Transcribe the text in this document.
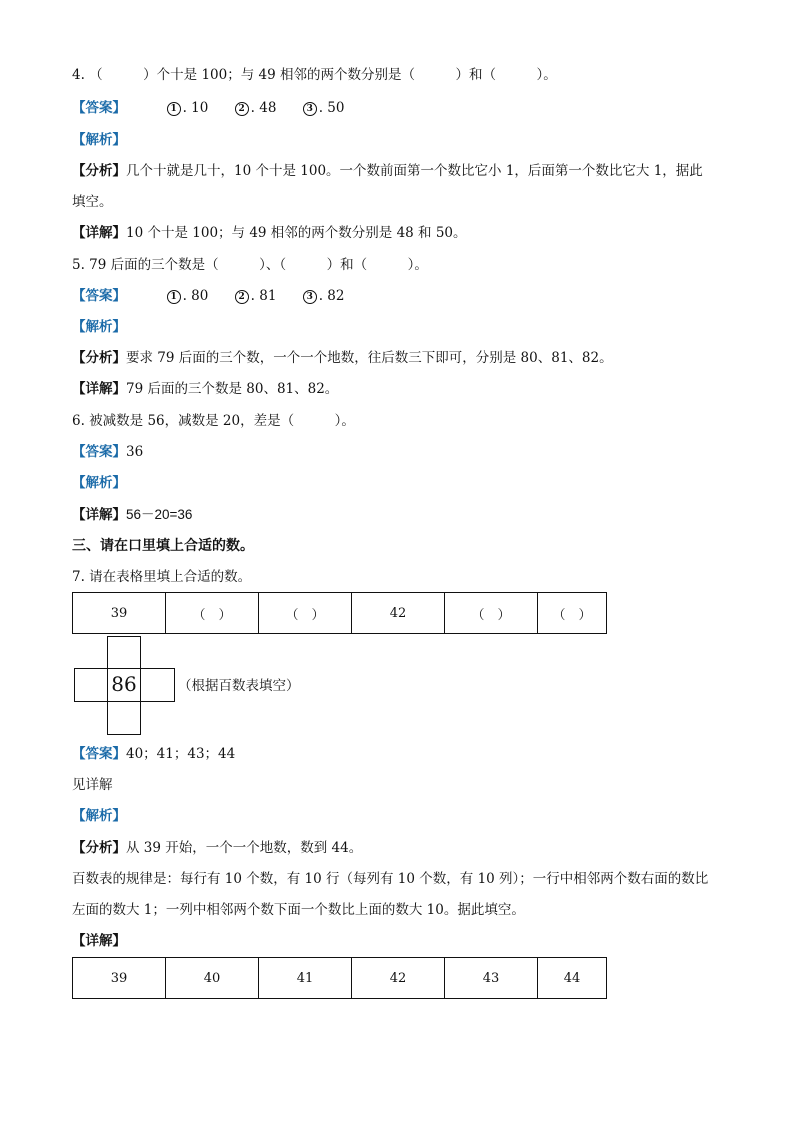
4. （　　　）个十是 100；与 49 相邻的两个数分别是（　　　）和（　　　）。
【答案】	1 . 10	2 . 48	3 . 50
【解析】
【分析】几个十就是几十，10 个十是 100。一个数前面第一个数比它小 1，后面第一个数比它大 1，据此
填空。
【详解】10 个十是 100；与 49 相邻的两个数分别是 48 和 50。
5. 79 后面的三个数是（　　　）、（　　　）和（　　　）。
【答案】	1 . 80	2 . 81	3 . 82
【解析】
【分析】要求 79 后面的三个数，一个一个地数，往后数三下即可，分别是 80、81、82。
【详解】79 后面的三个数是 80、81、82。
6. 被减数是 56，减数是 20，差是（　　　）。
【答案】36
【解析】
【详解】56－20=36
三、请在口里填上合适的数。
7. 请在表格里填上合适的数。
39	（　）	（　）	42	（　）	（　）
86	（根据百数表填空）
【答案】40；41；43；44
见详解
【解析】
【分析】从 39 开始，一个一个地数，数到 44。
百数表的规律是：每行有 10 个数，有 10 行（每列有 10 个数，有 10 列）；一行中相邻两个数右面的数比
左面的数大 1；一列中相邻两个数下面一个数比上面的数大 10。据此填空。
【详解】
39	40	41	42	43	44
